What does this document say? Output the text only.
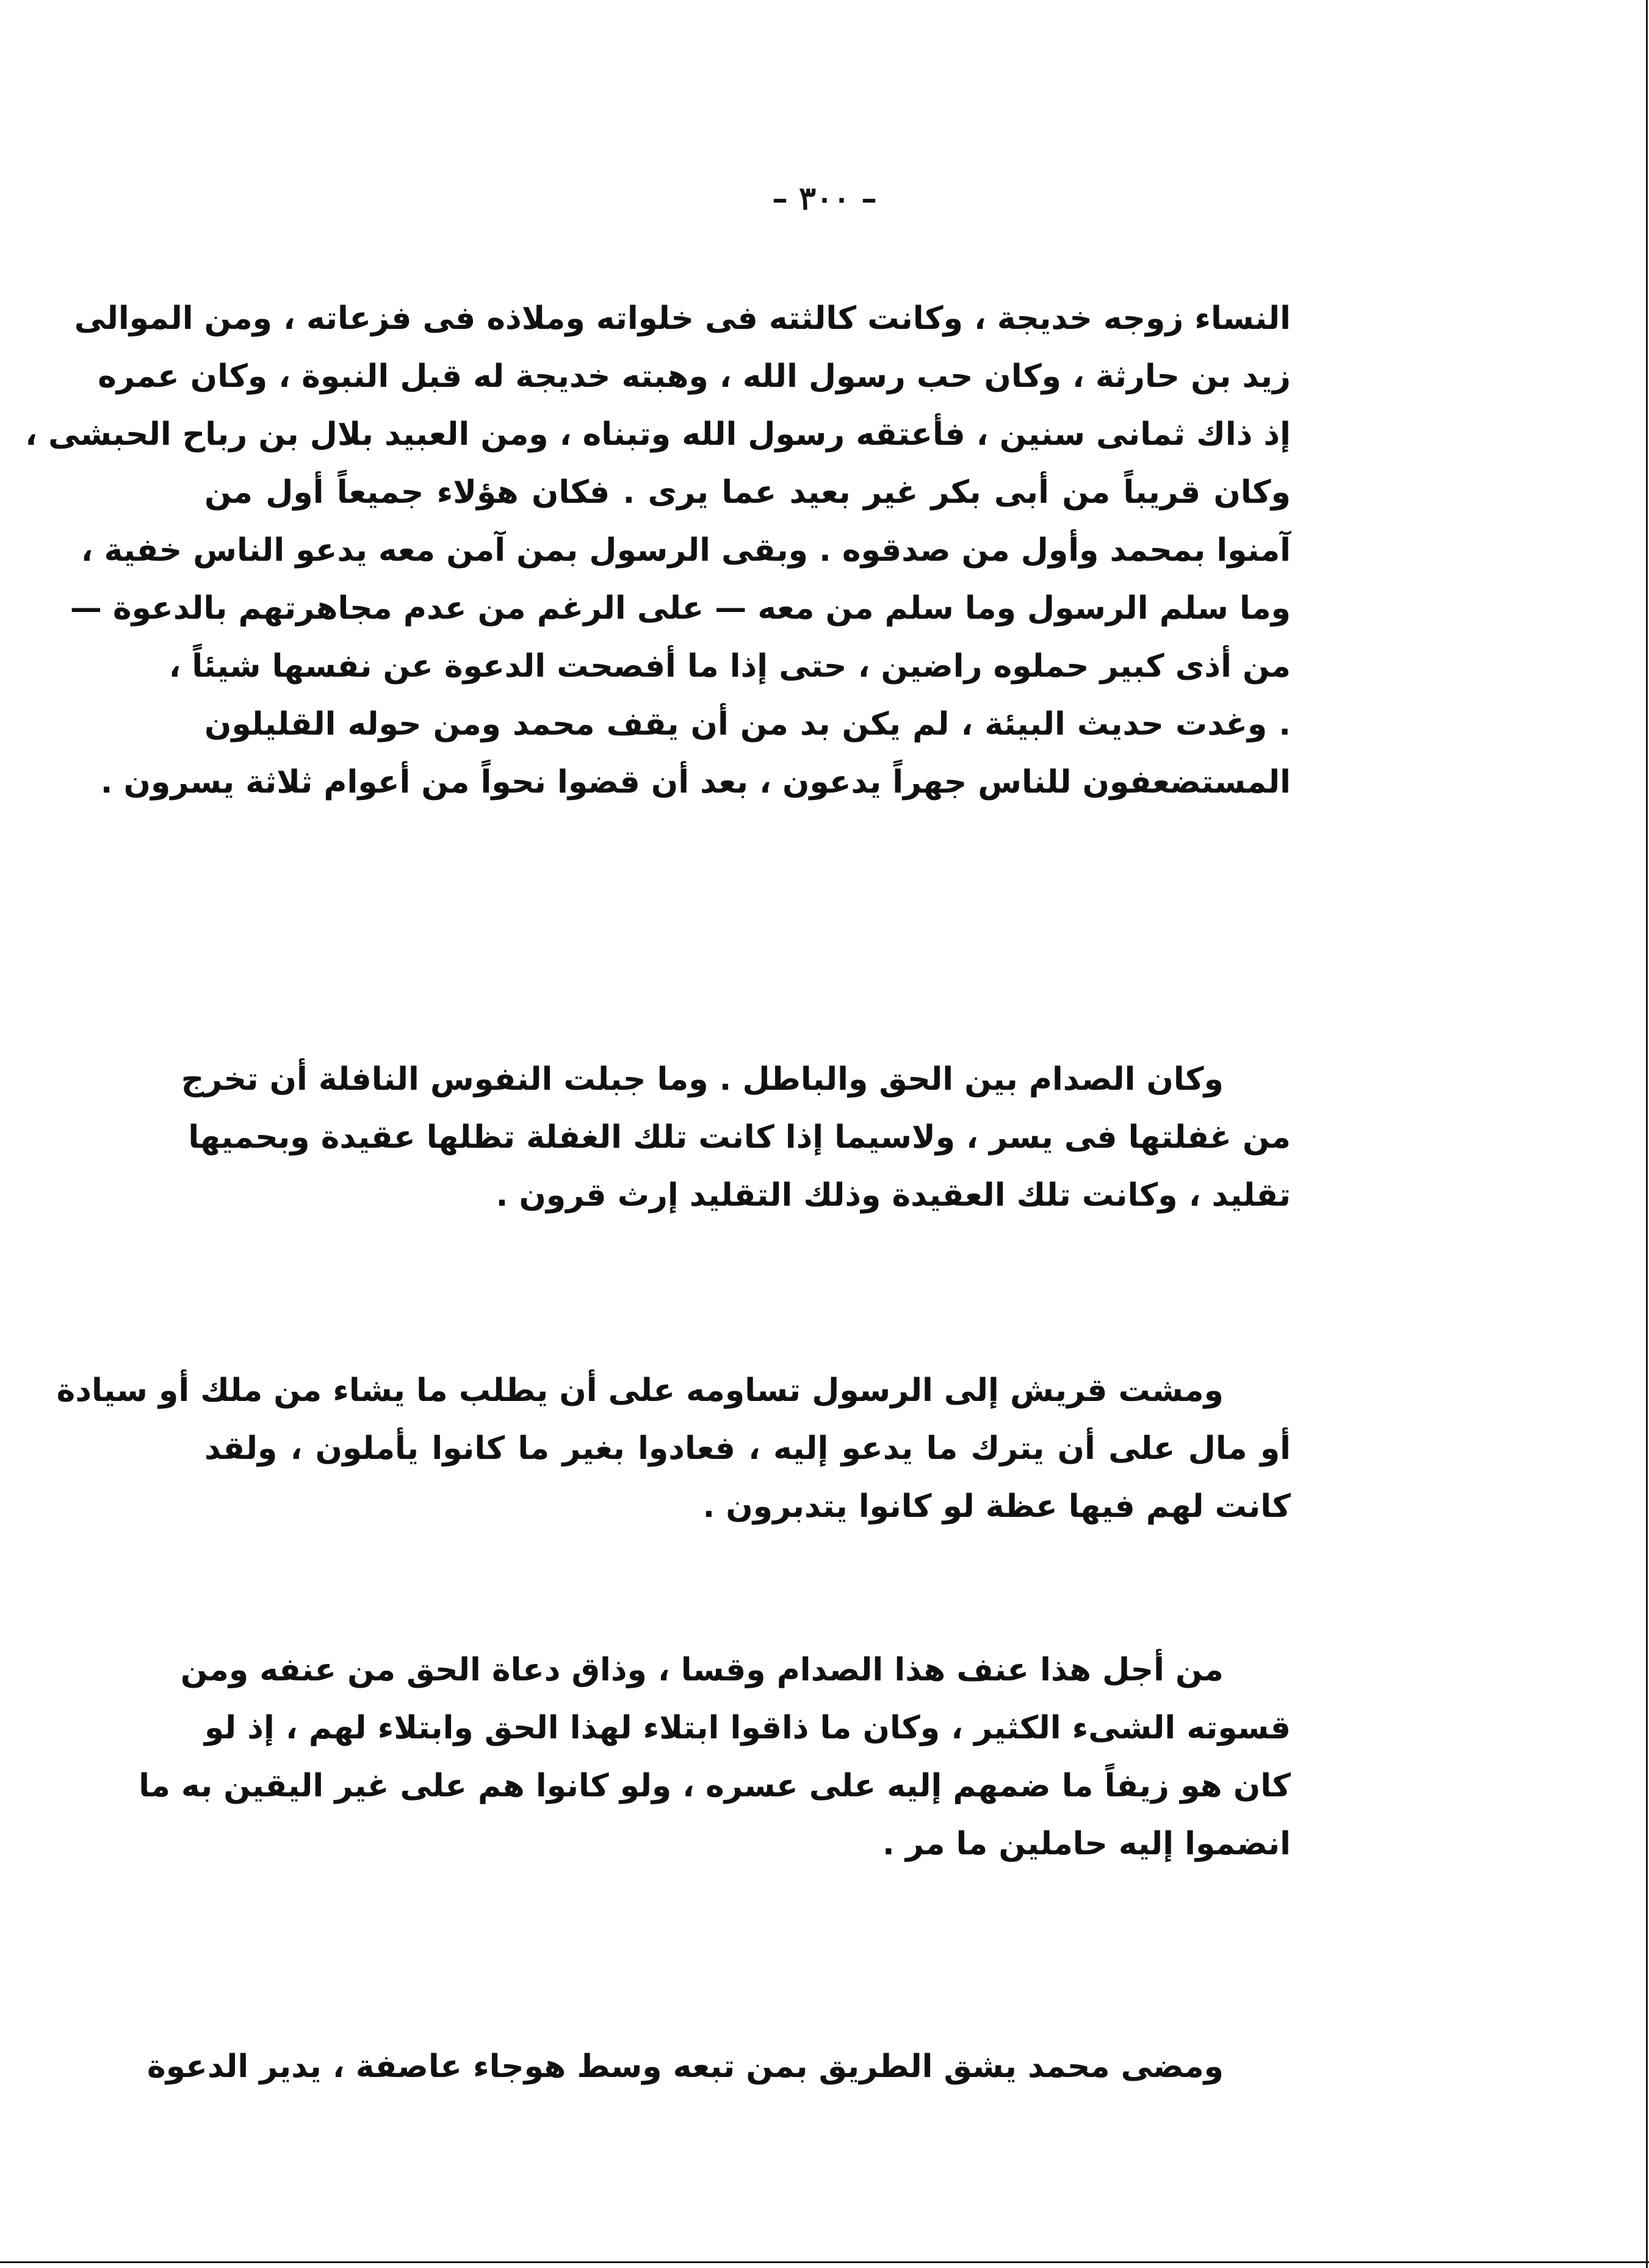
– ٣٠٠ –
النساء زوجه خديجة ، وكانت كالثته فى خلواته وملاذه فى فزعاته ، ومن الموالى
زيد بن حارثة ، وكان حب رسول الله ، وهبته خديجة له قبل النبوة ، وكان عمره
إذ ذاك ثمانى سنين ، فأعتقه رسول الله وتبناه ، ومن العبيد بلال بن رباح الحبشى ،
وكان قريباً من أبى بكر غير بعيد عما يرى . فكان هؤلاء جميعاً أول من
آمنوا بمحمد وأول من صدقوه . وبقى الرسول بمن آمن معه يدعو الناس خفية ،
وما سلم الرسول وما سلم من معه — على الرغم من عدم مجاهرتهم بالدعوة —
من أذى كبير حملوه راضين ، حتى إذا ما أفصحت الدعوة عن نفسها شيئاً ،
. وغدت حديث البيئة ، لم يكن بد من أن يقف محمد ومن حوله القليلون
المستضعفون للناس جهراً يدعون ، بعد أن قضوا نحواً من أعوام ثلاثة يسرون .
وكان الصدام بين الحق والباطل . وما جبلت النفوس النافلة أن تخرج
من غفلتها فى يسر ، ولاسيما إذا كانت تلك الغفلة تظلها عقيدة وبحميها
تقليد ، وكانت تلك العقيدة وذلك التقليد إرث قرون .
ومشت قريش إلى الرسول تساومه على أن يطلب ما يشاء من ملك أو سيادة
أو مال على أن يترك ما يدعو إليه ، فعادوا بغير ما كانوا يأملون ، ولقد
كانت لهم فيها عظة لو كانوا يتدبرون .
من أجل هذا عنف هذا الصدام وقسا ، وذاق دعاة الحق من عنفه ومن
قسوته الشىء الكثير ، وكان ما ذاقوا ابتلاء لهذا الحق وابتلاء لهم ، إذ لو
كان هو زيفاً ما ضمهم إليه على عسره ، ولو كانوا هم على غير اليقين به ما
انضموا إليه حاملين ما مر .
ومضى محمد يشق الطريق بمن تبعه وسط هوجاء عاصفة ، يدير الدعوة
